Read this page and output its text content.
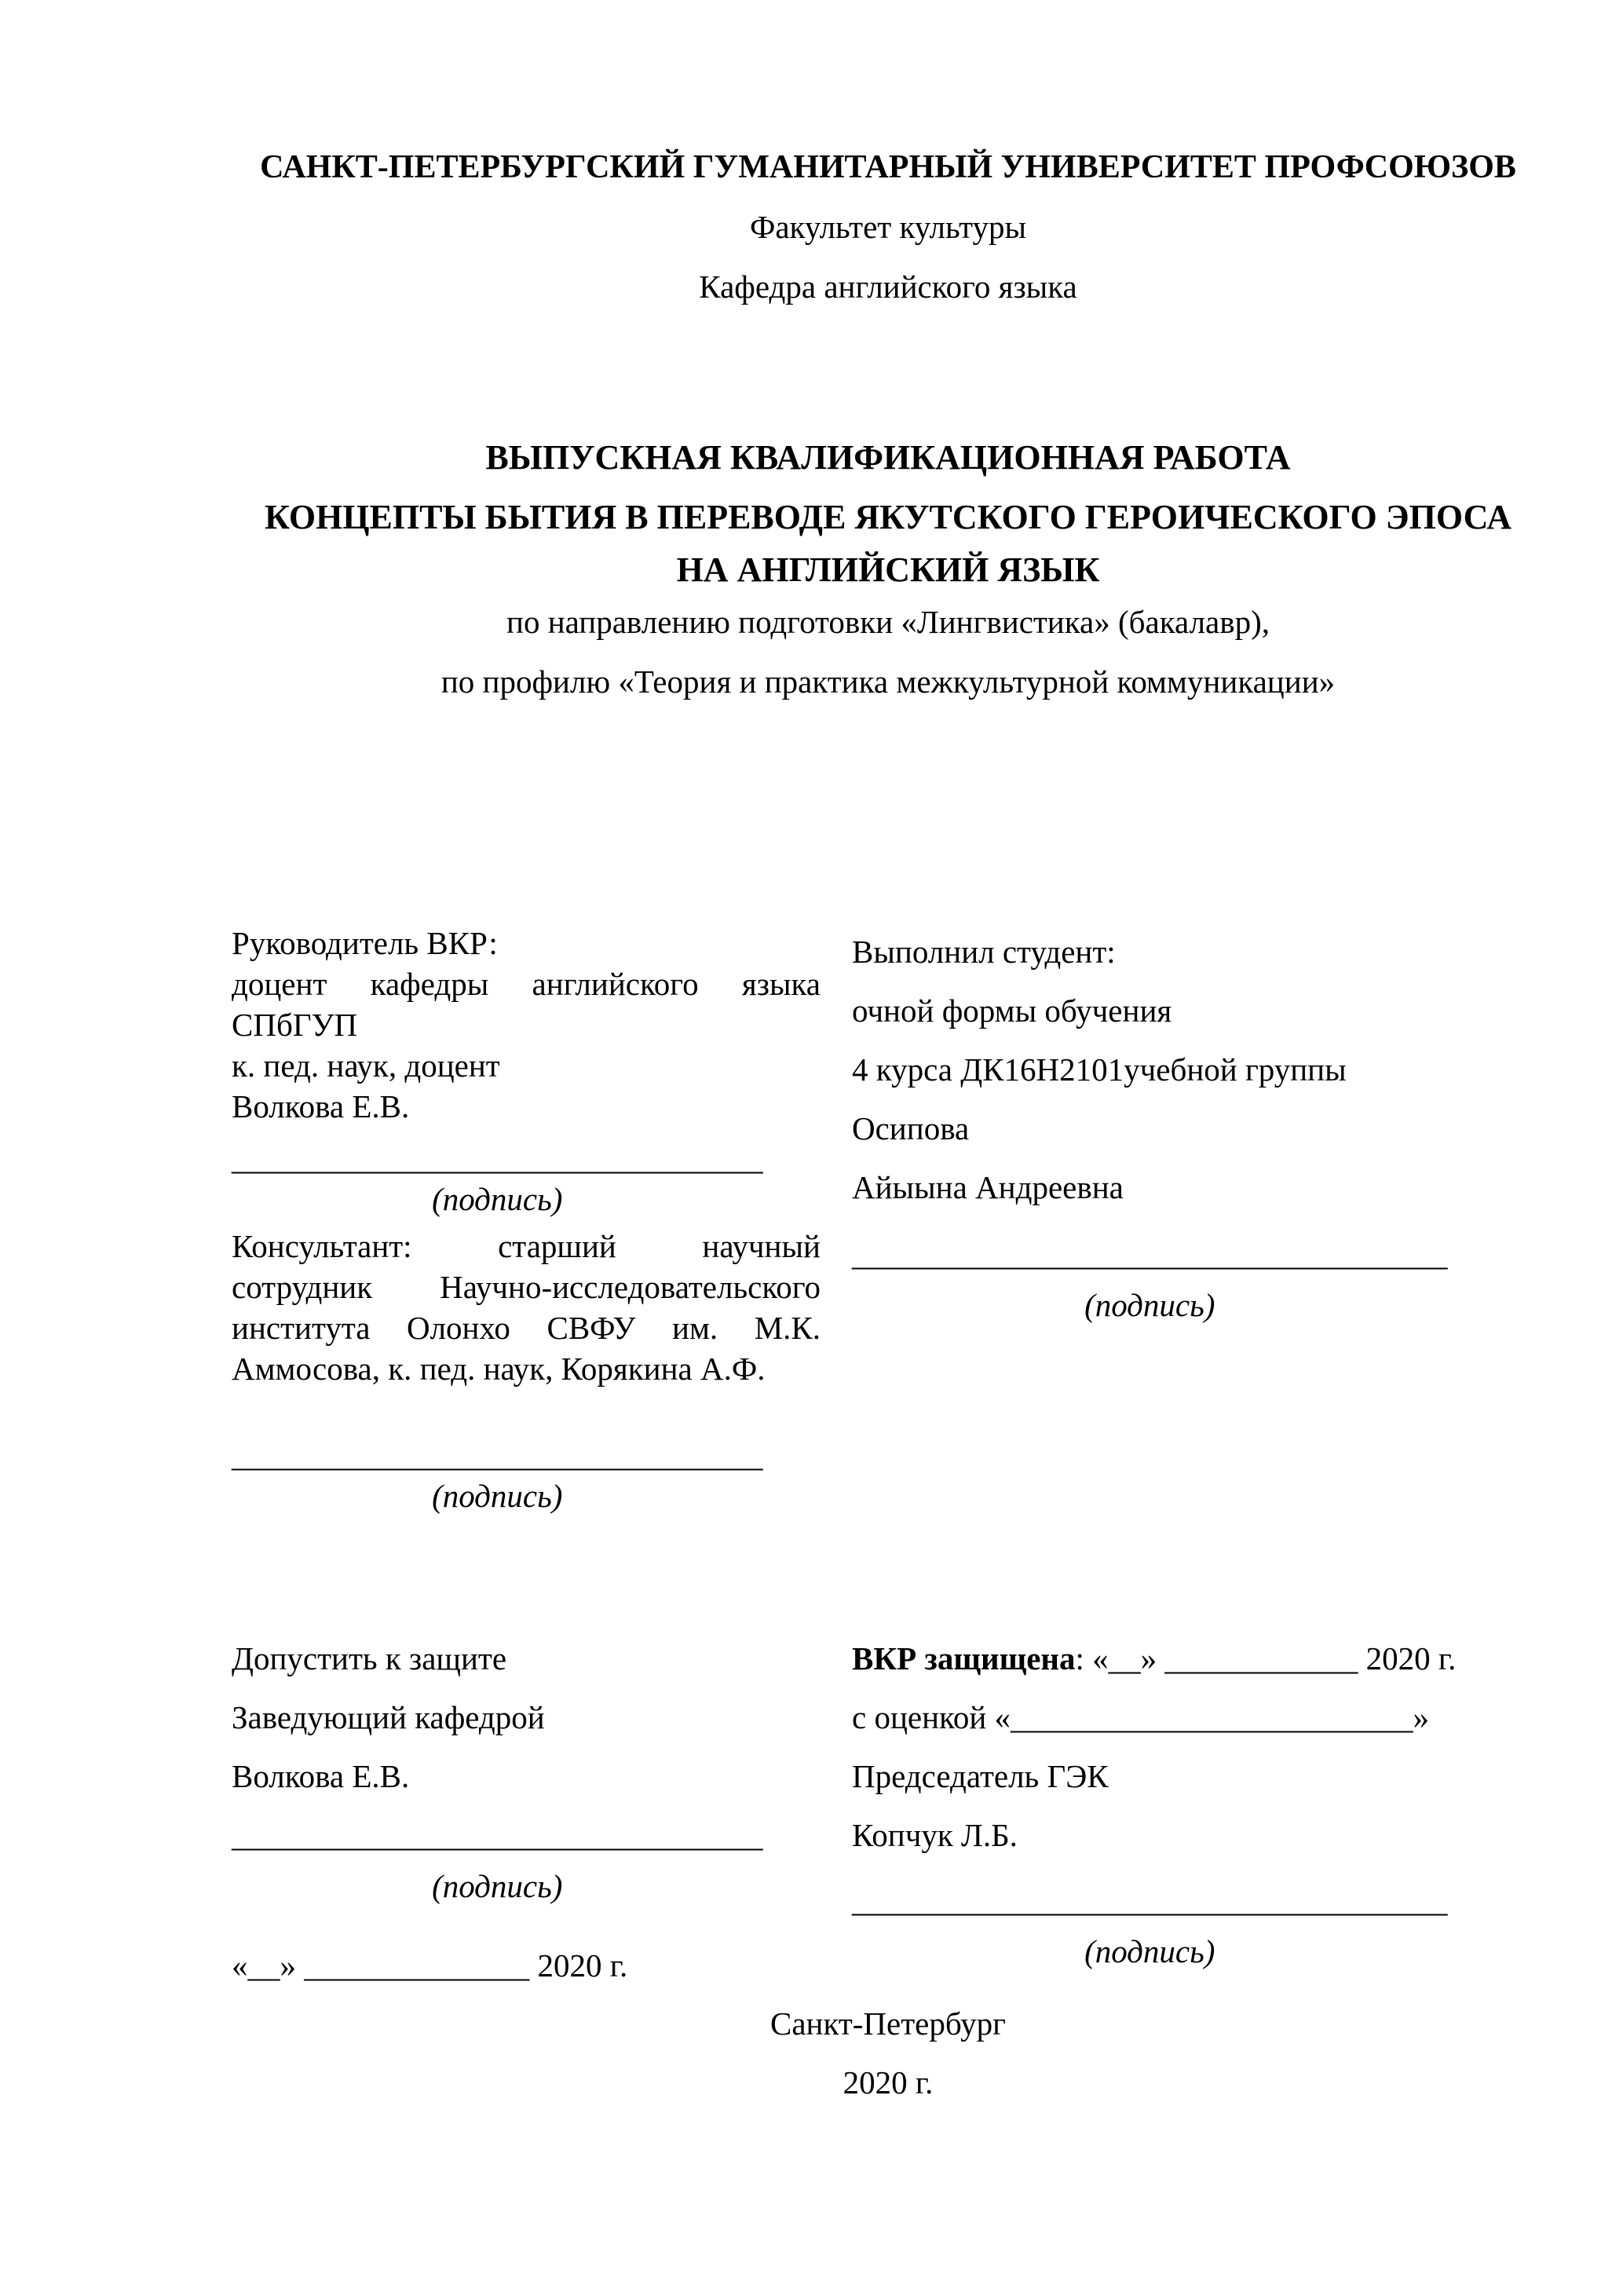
САНКТ-ПЕТЕРБУРГСКИЙ ГУМАНИТАРНЫЙ УНИВЕРСИТЕТ ПРОФСОЮЗОВ
Факультет культуры
Кафедра английского языка
ВЫПУСКНАЯ КВАЛИФИКАЦИОННАЯ РАБОТА
КОНЦЕПТЫ БЫТИЯ В ПЕРЕВОДЕ ЯКУТСКОГО ГЕРОИЧЕСКОГО ЭПОСА
НА АНГЛИЙСКИЙ ЯЗЫК
по направлению подготовки «Лингвистика» (бакалавр),
по профилю «Теория и практика межкультурной коммуникации»
Руководитель ВКР:
доцент кафедры английского языка
СПбГУП
к. пед. наук, доцент
Волкова Е.В.
_________________________________
(подпись)
Консультант: старший научный
сотрудник Научно-исследовательского
института Олонхо СВФУ им. М.К.
Аммосова, к. пед. наук, Корякина А.Ф.
_________________________________
(подпись)
Выполнил студент:
очной формы обучения
4 курса ДК16Н2101учебной группы
Осипова
Айыына Андреевна
_____________________________________
(подпись)
Допустить к защите
Заведующий кафедрой
Волкова Е.В.
_________________________________
(подпись)
«__» ______________ 2020 г.
ВКР защищена: «__» ____________ 2020 г.
с оценкой «_________________________»
Председатель ГЭК
Копчук Л.Б.
_____________________________________
(подпись)
Санкт-Петербург
2020 г.
